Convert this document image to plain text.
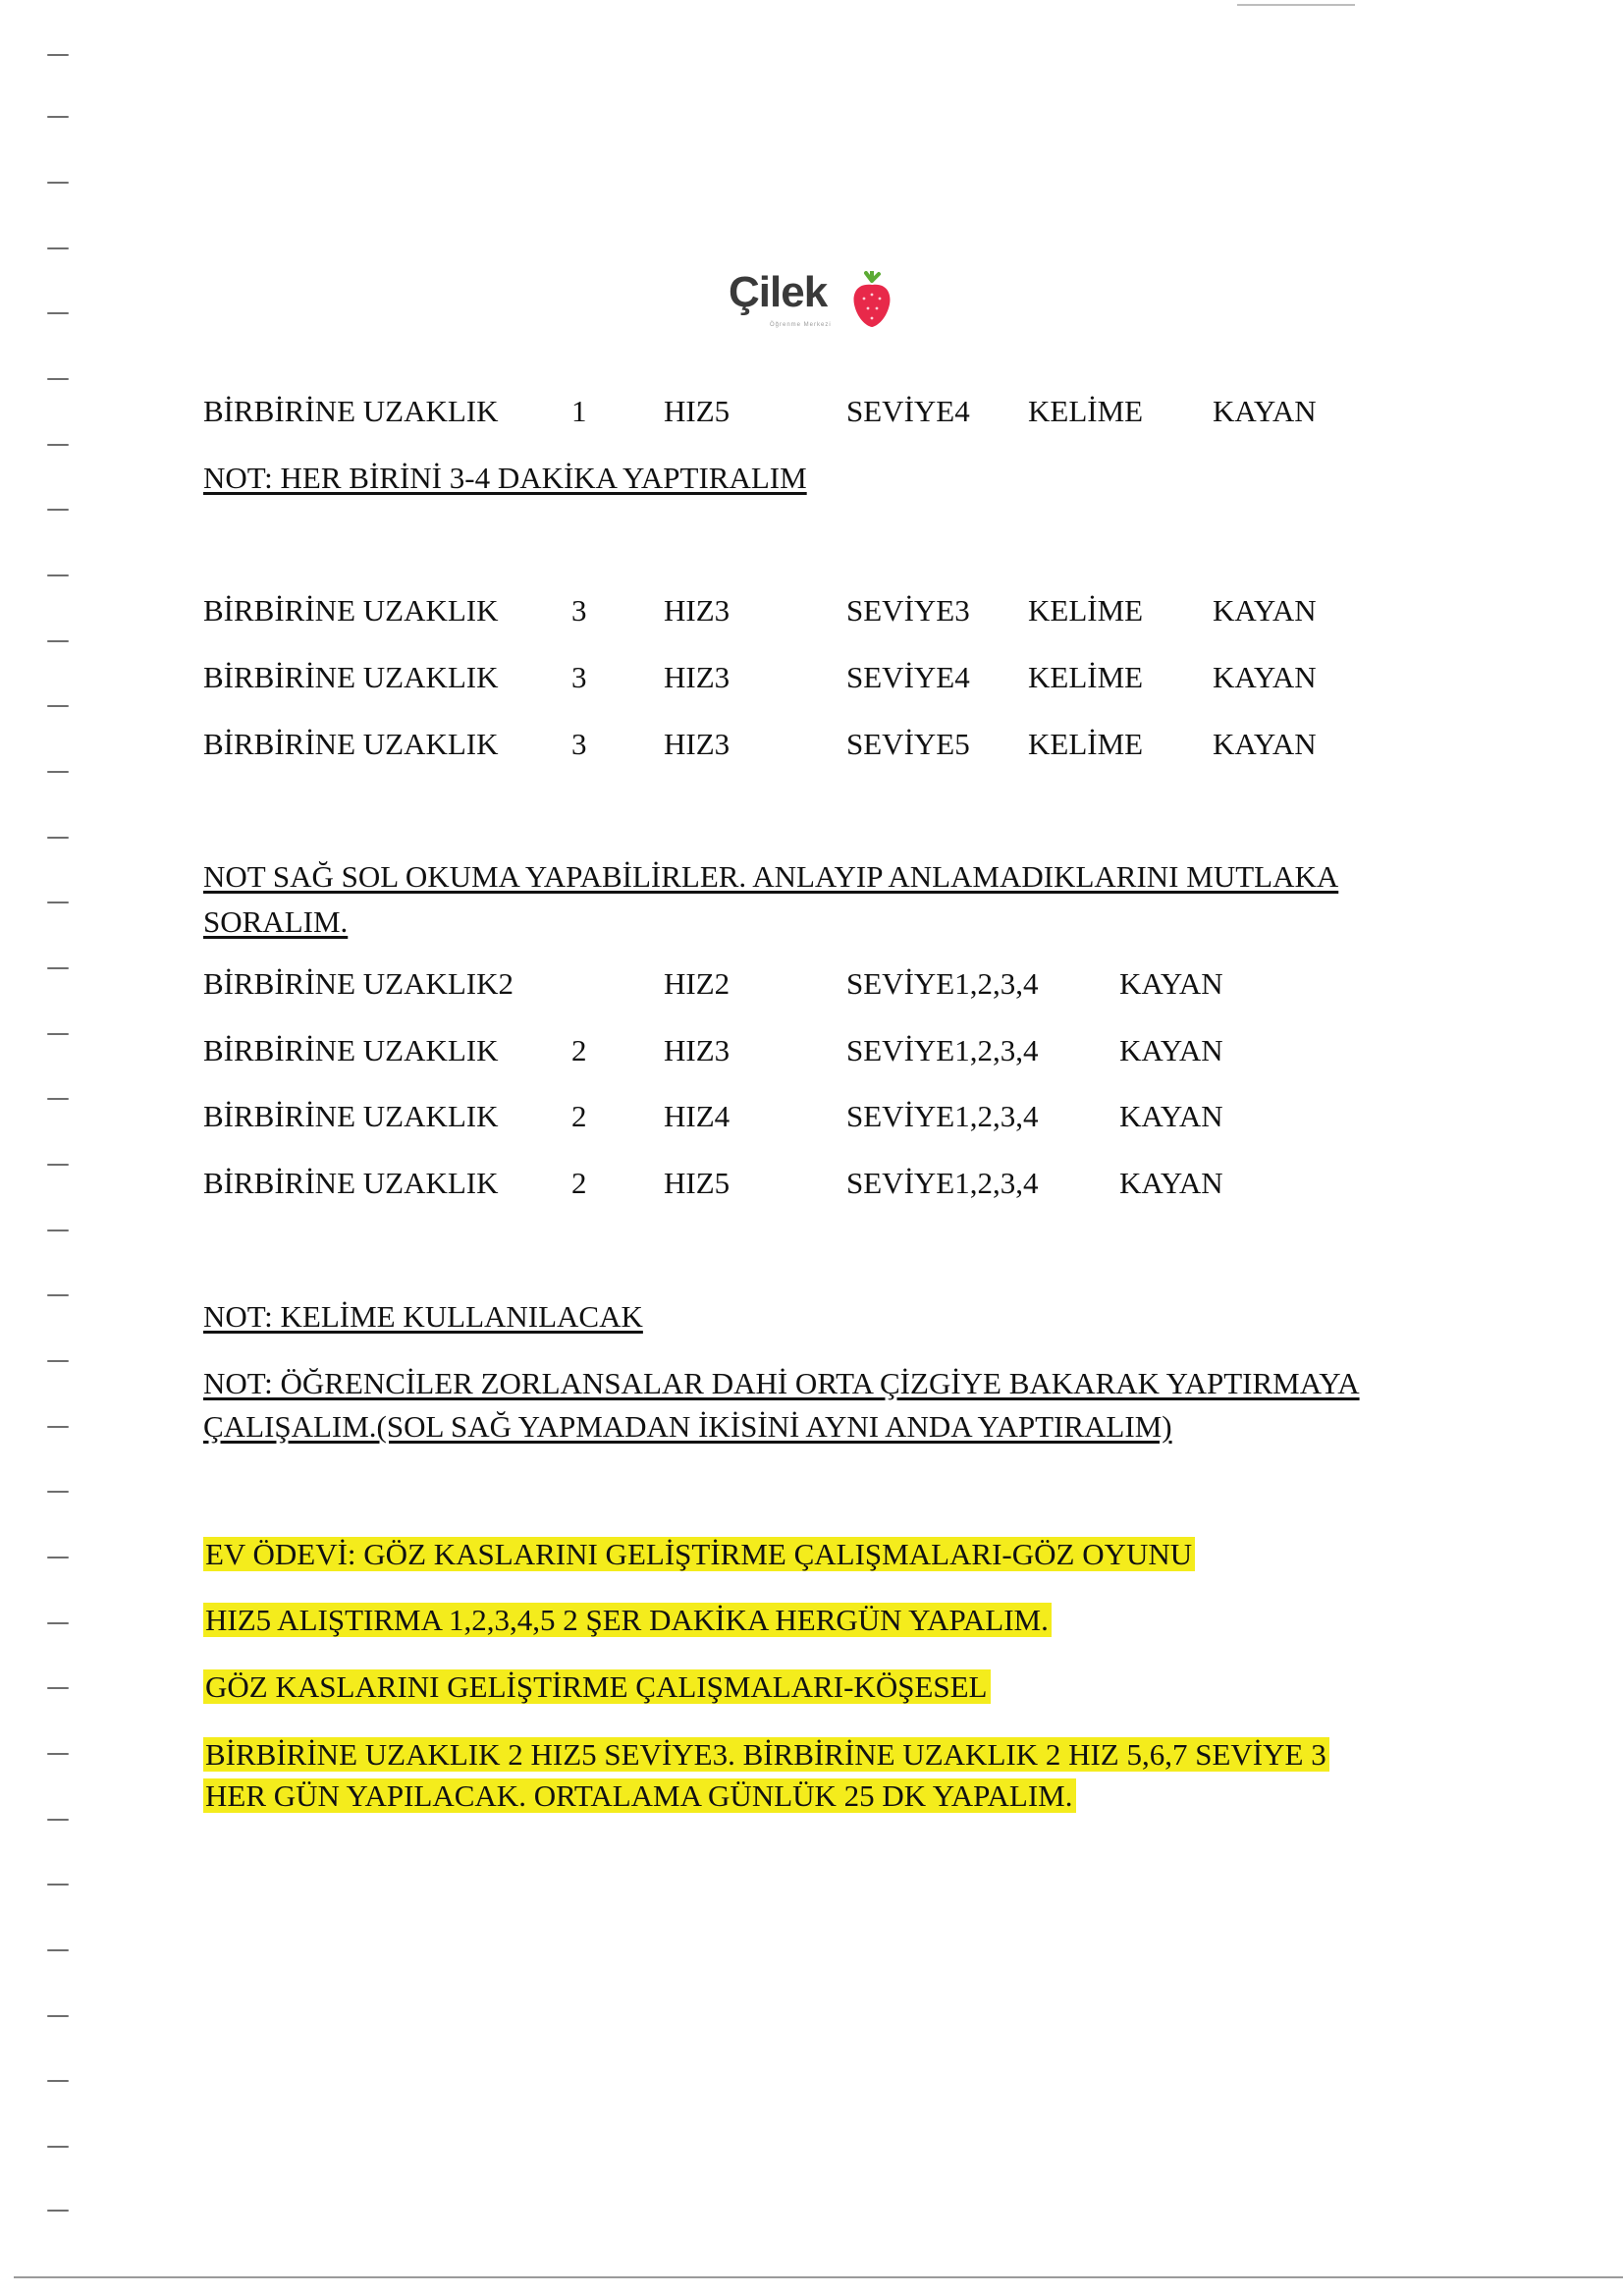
Çilek
Öğrenme Merkezi
BİRBİRİNE UZAKLIK 1	HIZ5	SEVİYE4 KELİME KAYAN
NOT: HER BİRİNİ 3-4 DAKİKA YAPTIRALIM
BİRBİRİNE UZAKLIK 3	HIZ3	SEVİYE3 KELİME KAYAN
BİRBİRİNE UZAKLIK 3	HIZ3	SEVİYE4 KELİME KAYAN
BİRBİRİNE UZAKLIK 3	HIZ3	SEVİYE5 KELİME KAYAN
NOT SAĞ SOL OKUMA YAPABİLİRLER. ANLAYIP ANLAMADIKLARINI MUTLAKA
SORALIM.
BİRBİRİNE UZAKLIK2	HIZ2	SEVİYE1,2,3,4	KAYAN
BİRBİRİNE UZAKLIK 2	HIZ3	SEVİYE1,2,3,4	KAYAN
BİRBİRİNE UZAKLIK 2	HIZ4	SEVİYE1,2,3,4	KAYAN
BİRBİRİNE UZAKLIK 2	HIZ5	SEVİYE1,2,3,4	KAYAN
NOT: KELİME KULLANILACAK
NOT: ÖĞRENCİLER ZORLANSALAR DAHİ ORTA ÇİZGİYE BAKARAK YAPTIRMAYA
ÇALIŞALIM.(SOL SAĞ YAPMADAN İKİSİNİ AYNI ANDA YAPTIRALIM)
EV ÖDEVİ: GÖZ KASLARINI GELİŞTİRME ÇALIŞMALARI-GÖZ OYUNU
HIZ5 ALIŞTIRMA 1,2,3,4,5 2 ŞER DAKİKA HERGÜN YAPALIM.
GÖZ KASLARINI GELİŞTİRME ÇALIŞMALARI-KÖŞESEL
BİRBİRİNE UZAKLIK 2 HIZ5 SEVİYE3. BİRBİRİNE UZAKLIK 2 HIZ 5,6,7 SEVİYE 3
HER GÜN YAPILACAK. ORTALAMA GÜNLÜK 25 DK YAPALIM.
